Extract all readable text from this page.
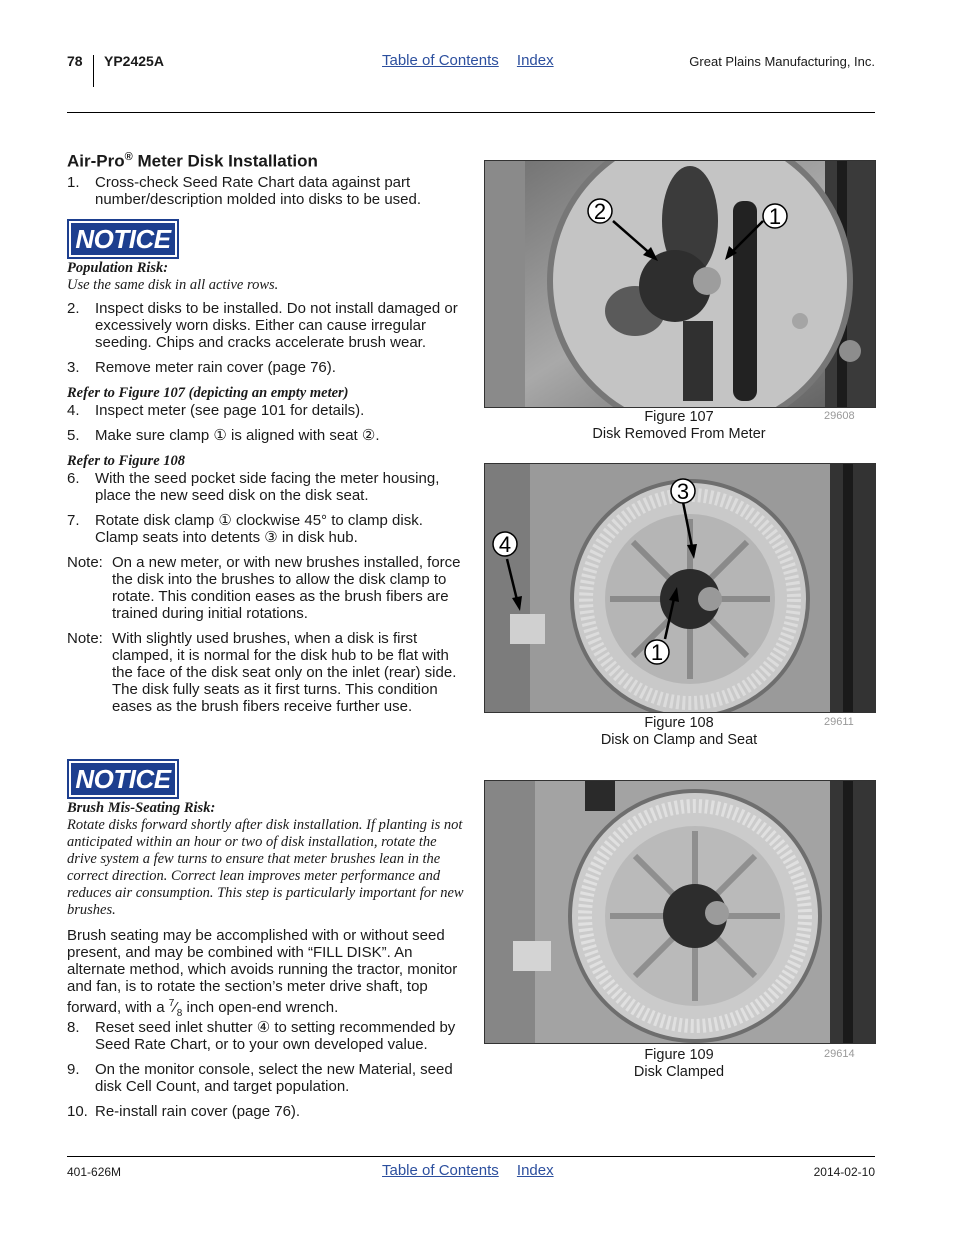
78 YP2425A	Table of Contents Index	Great Plains Manufacturing, Inc.
Air-Pro® Meter Disk Installation
1.	Cross-check Seed Rate Chart data against part number/description molded into disks to be used.
NOTICE
Population Risk:
Use the same disk in all active rows.
2.	Inspect disks to be installed. Do not install damaged or excessively worn disks. Either can cause irregular seeding. Chips and cracks accelerate brush wear.
3.	Remove meter rain cover (page 76).
Refer to Figure 107 (depicting an empty meter)
4.	Inspect meter (see page 101 for details).
5.	Make sure clamp ① is aligned with seat ②.
Refer to Figure 108
6.	With the seed pocket side facing the meter housing, place the new seed disk on the disk seat.
7.	Rotate disk clamp ① clockwise 45° to clamp disk. Clamp seats into detents ③ in disk hub.
Note: On a new meter, or with new brushes installed, force the disk into the brushes to allow the disk clamp to rotate. This condition eases as the brush fibers are trained during initial rotations.
Note: With slightly used brushes, when a disk is first clamped, it is normal for the disk hub to be flat with the face of the disk seat only on the inlet (rear) side. The disk fully seats as it first turns. This condition eases as the brush fibers receive further use.
NOTICE
Brush Mis-Seating Risk:
Rotate disks forward shortly after disk installation. If planting is not anticipated within an hour or two of disk installation, rotate the drive system a few turns to ensure that meter brushes lean in the correct direction. Correct lean improves meter performance and reduces air consumption. This step is particularly important for new brushes.
Brush seating may be accomplished with or without seed present, and may be combined with “FILL DISK”. An alternate method, which avoids running the tractor, monitor and fan, is to rotate the section’s meter drive shaft, top forward, with a $^7⁄_8$ inch open-end wrench.
8.	Reset seed inlet shutter ④ to setting recommended by Seed Rate Chart, or to your own developed value.
9.	On the monitor console, select the new Material, seed disk Cell Count, and target population.
10. Re-install rain cover (page 76).
2	1
Figure 107
Disk Removed From Meter
29608
3
4
1
Figure 108
Disk on Clamp and Seat
29611
Figure 109
Disk Clamped
29614
401-626M	Table of Contents Index	2014-02-10
